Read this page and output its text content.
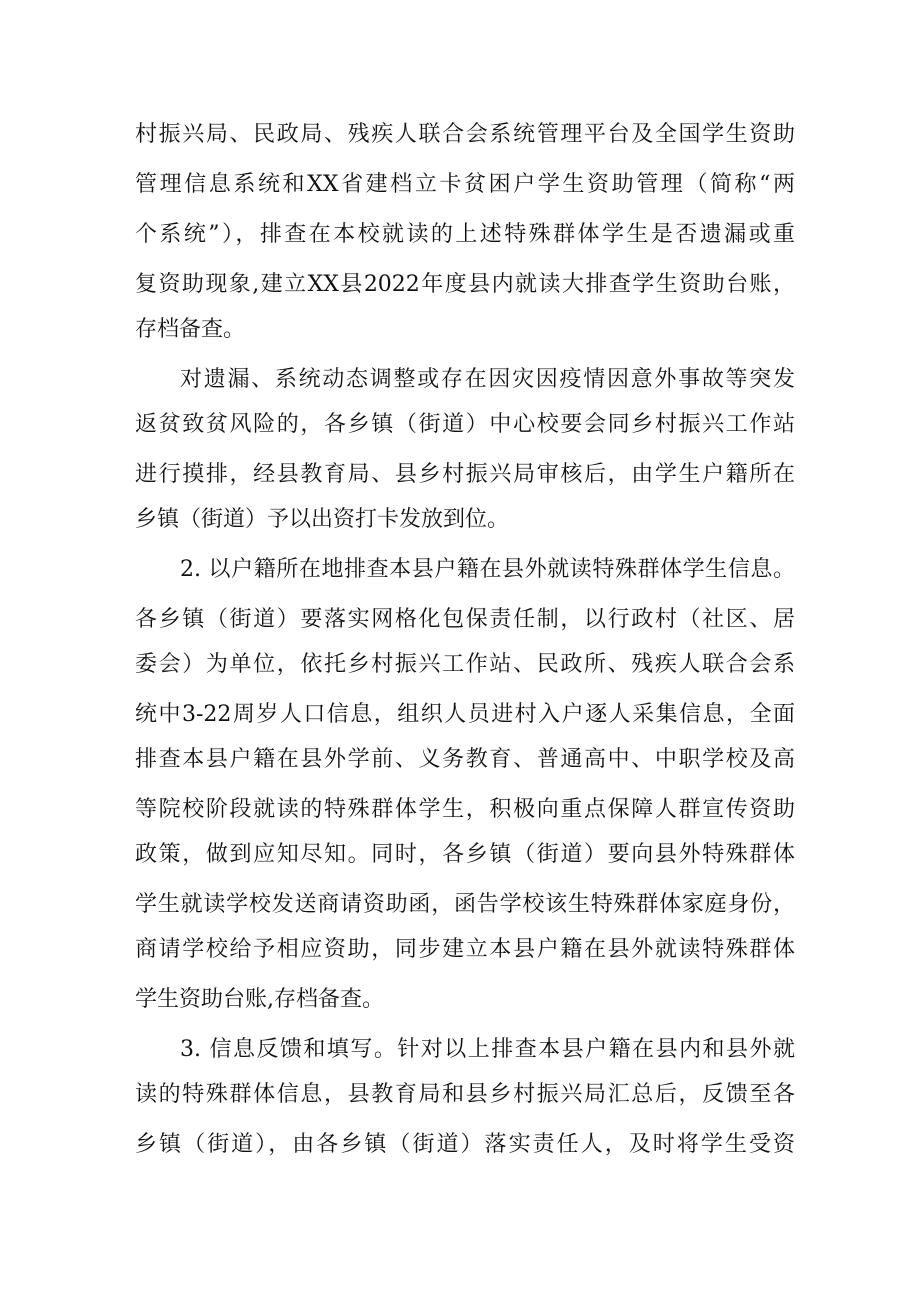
村振兴局、民政局、残疾人联合会系统管理平台及全国学生资助
管理信息系统和XX省建档立卡贫困户学生资助管理（简称“两
个系统”），排查在本校就读的上述特殊群体学生是否遗漏或重
复资助现象,建立XX县2022年度县内就读大排查学生资助台账，
存档备查。
对遗漏、系统动态调整或存在因灾因疫情因意外事故等突发
返贫致贫风险的，各乡镇（街道）中心校要会同乡村振兴工作站
进行摸排，经县教育局、县乡村振兴局审核后，由学生户籍所在
乡镇（街道）予以出资打卡发放到位。
2. 以户籍所在地排查本县户籍在县外就读特殊群体学生信息。
各乡镇（街道）要落实网格化包保责任制，以行政村（社区、居
委会）为单位，依托乡村振兴工作站、民政所、残疾人联合会系
统中3-22周岁人口信息，组织人员进村入户逐人采集信息，全面
排查本县户籍在县外学前、义务教育、普通高中、中职学校及高
等院校阶段就读的特殊群体学生，积极向重点保障人群宣传资助
政策，做到应知尽知。同时，各乡镇（街道）要向县外特殊群体
学生就读学校发送商请资助函，函告学校该生特殊群体家庭身份，
商请学校给予相应资助，同步建立本县户籍在县外就读特殊群体
学生资助台账,存档备查。
3. 信息反馈和填写。针对以上排查本县户籍在县内和县外就
读的特殊群体信息，县教育局和县乡村振兴局汇总后，反馈至各
乡镇（街道），由各乡镇（街道）落实责任人，及时将学生受资
